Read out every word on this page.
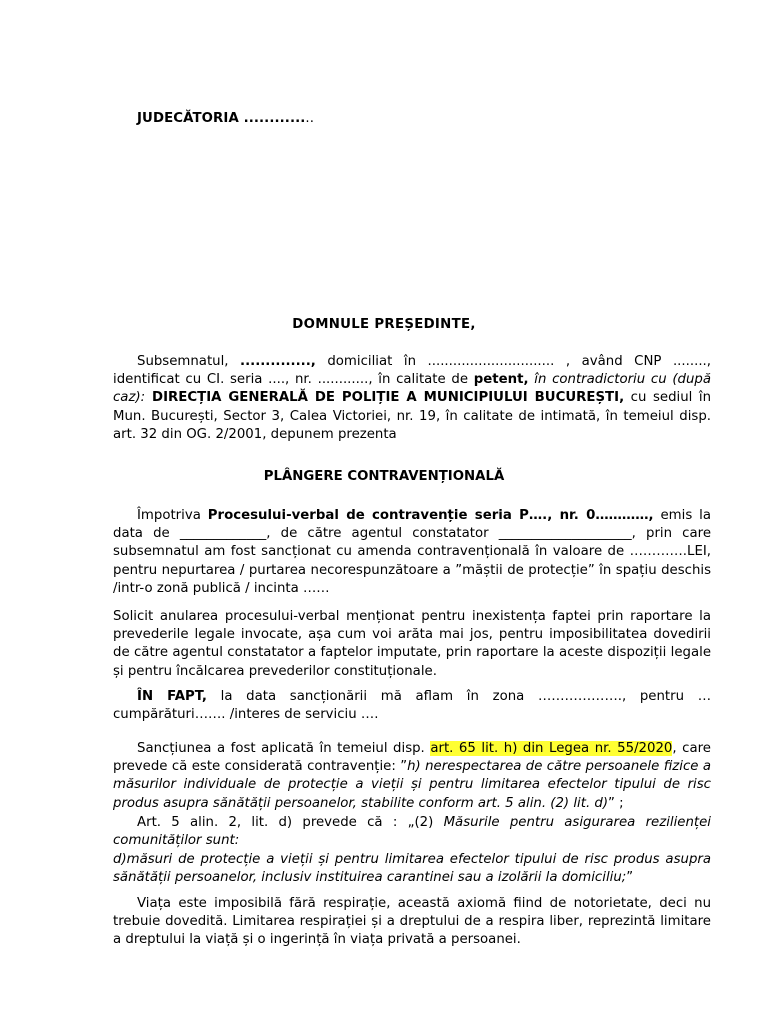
JUDECĂTORIA ..............
DOMNULE PREȘEDINTE,

Subsemnatul, .............., domiciliat în .............................. , având CNP ........, identificat cu CI. seria ...., nr. ............, în calitate de petent, în contradictoriu cu (după caz): DIRECȚIA GENERALĂ DE POLIȚIE A MUNICIPIULUI BUCUREȘTI, cu sediul în Mun. București, Sector 3, Calea Victoriei, nr. 19, în calitate de intimată, în temeiul disp. art. 32 din OG. 2/2001, depunem prezenta

PLÂNGERE CONTRAVENȚIONALĂ

Împotriva Procesului-verbal de contravenție seria P…., nr. 0…………, emis la data de _____________, de către agentul constatator ____________________, prin care subsemnatul am fost sancționat cu amenda contravențională în valoare de ………….LEI, pentru nepurtarea / purtarea necorespunzătoare a ”măștii de protecție” în spațiu deschis /intr-o zonă publică / incinta ……

Solicit anularea procesului-verbal menționat pentru inexistența faptei prin raportare la prevederile legale invocate, așa cum voi arăta mai jos, pentru imposibilitatea dovedirii de către agentul constatator a faptelor imputate, prin raportare la aceste dispoziții legale și pentru încălcarea prevederilor constituționale.

ÎN FAPT, la data sancționării mă aflam în zona ………………., pentru … cumpărături……. /interes de serviciu ….

Sancțiunea a fost aplicată în temeiul disp. art. 65 lit. h) din Legea nr. 55/2020, care prevede că este considerată contravenție: ”h) nerespectarea de către persoanele fizice a măsurilor individuale de protecție a vieții și pentru limitarea efectelor tipului de risc produs asupra sănătății persoanelor, stabilite conform art. 5 alin. (2) lit. d)” ;

Art. 5 alin. 2, lit. d) prevede că : „(2) Măsurile pentru asigurarea rezilienței comunităților sunt:

d)măsuri de protecție a vieții și pentru limitarea efectelor tipului de risc produs asupra sănătății persoanelor, inclusiv instituirea carantinei sau a izolării la domiciliu;”

Viața este imposibilă fără respirație, această axiomă fiind de notorietate, deci nu trebuie dovedită. Limitarea respirației și a dreptului de a respira liber, reprezintă limitare a dreptului la viață și o ingerință în viața privată a persoanei.
